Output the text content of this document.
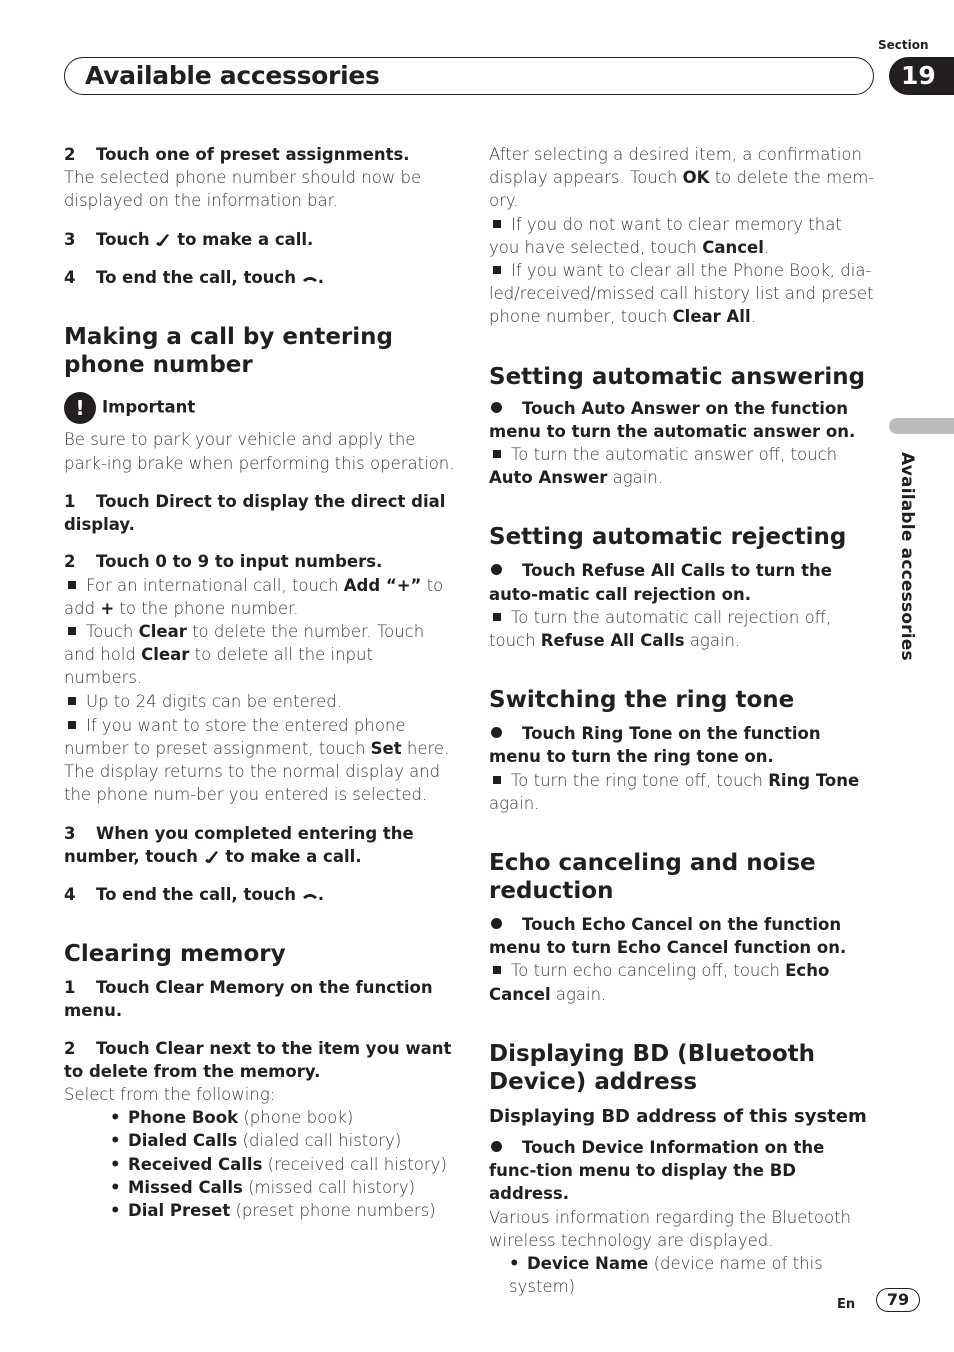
Section
Available accessories	19
Available accessories

2 Touch one of preset assignments.

The selected phone number should now be displayed on the information bar.

3 Touch to make a call.

4 To end the call, touch .

Making a call by entering phone number

! Important

Be sure to park your vehicle and apply the park-ing brake when performing this operation.

1 Touch Direct to display the direct dial display.

2 Touch 0 to 9 to input numbers.

For an international call, touch Add “+” to add + to the phone number.

Touch Clear to delete the number. Touch and hold Clear to delete all the input numbers.

Up to 24 digits can be entered.

If you want to store the entered phone number to preset assignment, touch Set here. The display returns to the normal display and the phone num-ber you entered is selected.

3 When you completed entering the number, touch to make a call.

4 To end the call, touch .

Clearing memory

1 Touch Clear Memory on the function menu.

2 Touch Clear next to the item you want to delete from the memory.

Select from the following:

• Phone Book (phone book)

• Dialed Calls (dialed call history)

• Received Calls (received call history)

• Missed Calls (missed call history)

• Dial Preset (preset phone numbers)

After selecting a desired item, a confirmation display appears. Touch OK to delete the mem-ory.

If you do not want to clear memory that you have selected, touch Cancel.

If you want to clear all the Phone Book, dia-led/received/missed call history list and preset phone number, touch Clear All.

Setting automatic answering

Touch Auto Answer on the function menu to turn the automatic answer on.

To turn the automatic answer off, touch Auto Answer again.

Setting automatic rejecting

Touch Refuse All Calls to turn the auto-matic call rejection on.

To turn the automatic call rejection off, touch Refuse All Calls again.

Switching the ring tone

Touch Ring Tone on the function menu to turn the ring tone on.

To turn the ring tone off, touch Ring Tone again.

Echo canceling and noise reduction

Touch Echo Cancel on the function menu to turn Echo Cancel function on.

To turn echo canceling off, touch Echo Cancel again.

Displaying BD (Bluetooth Device) address

Displaying BD address of this system

Touch Device Information on the func-tion menu to display the BD address.

Various information regarding the Bluetooth wireless technology are displayed.

• Device Name (device name of this system)

En	79
